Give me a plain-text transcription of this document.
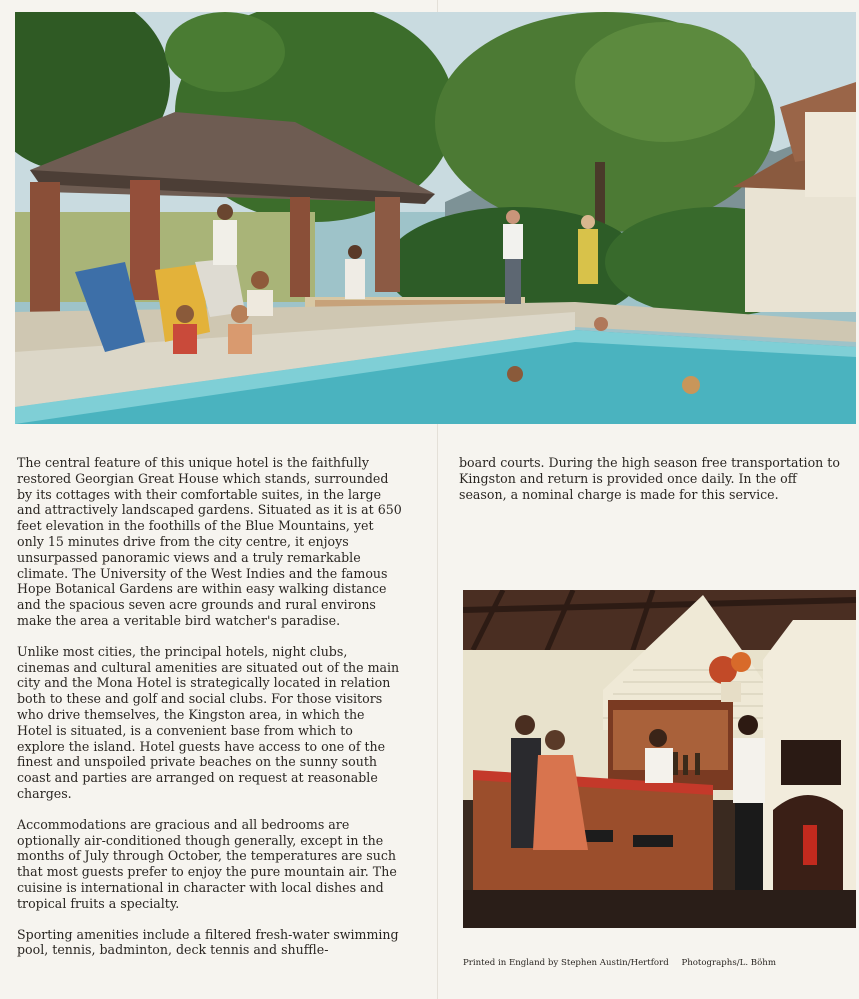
The central feature of this unique hotel is the faithfully restored Georgian Great House which stands, surrounded by its cottages with their comfortable suites, in the large and attractively landscaped gardens. Situated as it is at 650 feet elevation in the foothills of the Blue Mountains, yet only 15 minutes drive from the city centre, it enjoys unsurpassed panoramic views and a truly remarkable climate. The University of the West Indies and the famous Hope Botanical Gardens are within easy walking distance and the spacious seven acre grounds and rural environs make the area a veritable bird watcher's paradise.

Unlike most cities, the principal hotels, night clubs, cinemas and cultural amenities are situated out of the main city and the Mona Hotel is strategically located in relation both to these and golf and social clubs. For those visitors who drive themselves, the Kingston area, in which the Hotel is situated, is a convenient base from which to explore the island. Hotel guests have access to one of the finest and unspoiled private beaches on the sunny south coast and parties are arranged on request at reasonable charges.

Accommodations are gracious and all bedrooms are optionally air-conditioned though generally, except in the months of July through October, the temperatures are such that most guests prefer to enjoy the pure mountain air. The cuisine is international in character with local dishes and tropical fruits a specialty.

Sporting amenities include a filtered fresh-water swimming pool, tennis, badminton, deck tennis and shuffle-

board courts. During the high season free transportation to Kingston and return is provided once daily. In the off season, a nominal charge is made for this service.

Printed in England by Stephen Austin/Hertford Photographs/L. Böhm
